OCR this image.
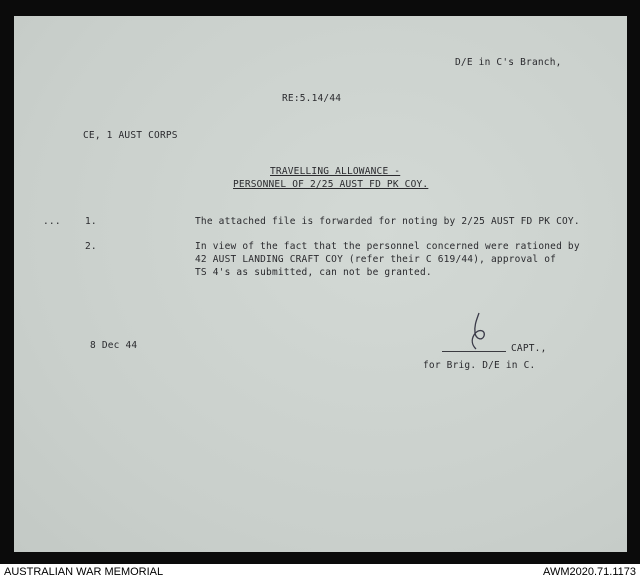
D/E in C's Branch,
RE:5.14/44
CE, 1 AUST CORPS
TRAVELLING ALLOWANCE -
PERSONNEL OF 2/25 AUST FD PK COY.
...	1.	The attached file is forwarded for noting by 2/25 AUST FD PK COY.
2.	In view of the fact that the personnel concerned were rationed by
42 AUST LANDING CRAFT COY (refer their C 619/44), approval of
TS 4's as submitted, can not be granted.
8 Dec 44	CAPT.,
for Brig. D/E in C.
AUSTRALIAN WAR MEMORIAL	AWM2020.71.1173
